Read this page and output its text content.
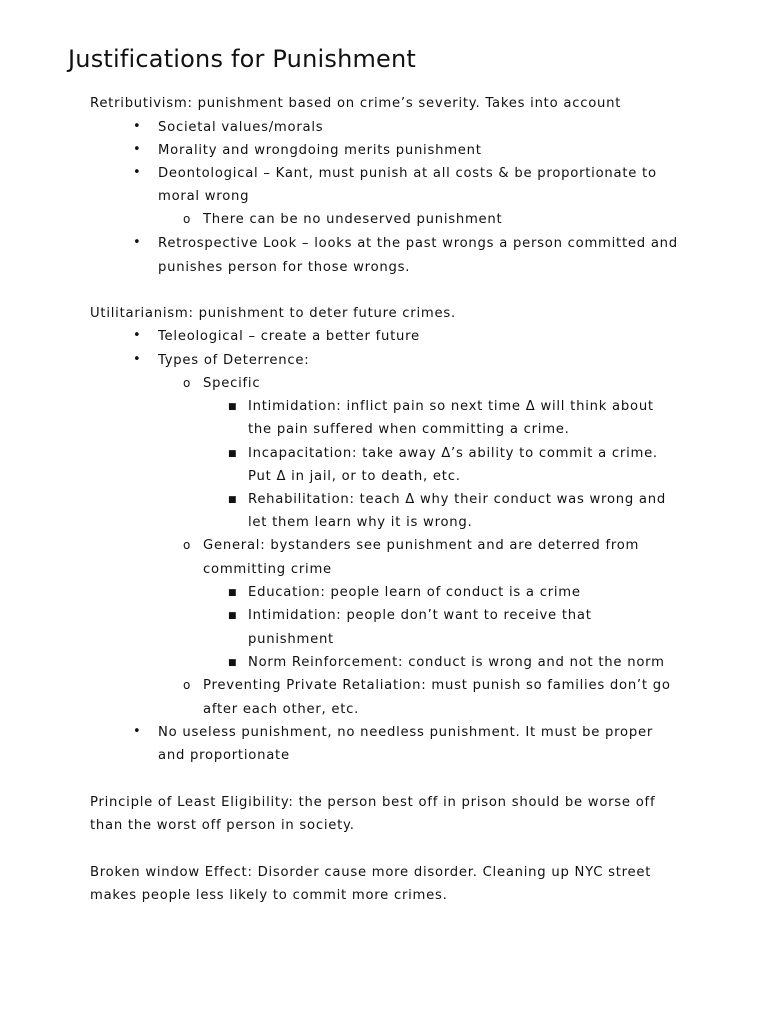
Justifications for Punishment
Retributivism: punishment based on crime’s severity. Takes into account
•
Societal values/morals
•
Morality and wrongdoing merits punishment
•
Deontological – Kant, must punish at all costs & be proportionate to
moral wrong
o There can be no undeserved punishment
•
Retrospective Look – looks at the past wrongs a person committed and
punishes person for those wrongs.
Utilitarianism: punishment to deter future crimes.
•
Teleological – create a better future
•
Types of Deterrence:
o Specific
■ Intimidation: inflict pain so next time Δ will think about
the pain suffered when committing a crime.
■ Incapacitation: take away Δ’s ability to commit a crime.
Put Δ in jail, or to death, etc.
■ Rehabilitation: teach Δ why their conduct was wrong and
let them learn why it is wrong.
o General: bystanders see punishment and are deterred from
committing crime
■ Education: people learn of conduct is a crime
■ Intimidation: people don’t want to receive that
punishment
■ Norm Reinforcement: conduct is wrong and not the norm
o Preventing Private Retaliation: must punish so families don’t go
after each other, etc.
•
No useless punishment, no needless punishment. It must be proper
and proportionate
Principle of Least Eligibility: the person best off in prison should be worse off
than the worst off person in society.
Broken window Effect: Disorder cause more disorder. Cleaning up NYC street
makes people less likely to commit more crimes.
